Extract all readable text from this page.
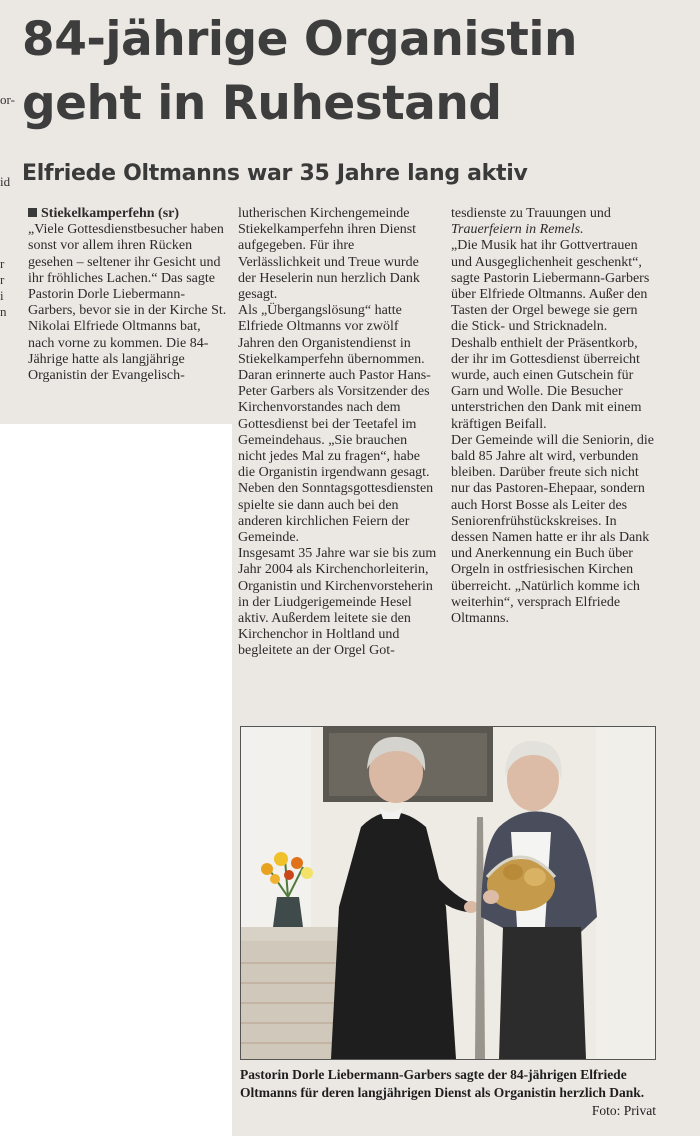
or-
id
r
r
i
n
84-jährige Organistin geht in Ruhestand
Elfriede Oltmanns war 35 Jahre lang aktiv

Stiekelkamperfehn (sr)

„Viele Gottesdienstbesucher haben sonst vor allem ihren Rücken gesehen – seltener ihr Gesicht und ihr fröhliches Lachen.“ Das sagte Pastorin Dorle Liebermann-Garbers, bevor sie in der Kirche St. Nikolai Elfriede Oltmanns bat, nach vorne zu kommen. Die 84-Jährige hatte als langjährige Organistin der Evangelisch-

lutherischen Kirchengemeinde Stiekelkamperfehn ihren Dienst aufgegeben. Für ihre Verlässlichkeit und Treue wurde der Heselerin nun herzlich Dank gesagt.

Als „Übergangslösung“ hatte Elfriede Oltmanns vor zwölf Jahren den Organistendienst in Stiekelkamperfehn übernommen. Daran erinnerte auch Pastor Hans-Peter Garbers als Vorsitzender des Kirchenvorstandes nach dem Gottesdienst bei der Teetafel im Gemeindehaus. „Sie brauchen nicht jedes Mal zu fragen“, habe die Organistin irgendwann gesagt. Neben den Sonntagsgottesdiensten spielte sie dann auch bei den anderen kirchlichen Feiern der Gemeinde.

Insgesamt 35 Jahre war sie bis zum Jahr 2004 als Kirchenchorleiterin, Organistin und Kirchenvorsteherin in der Liudgerigemeinde Hesel aktiv. Außerdem leitete sie den Kirchenchor in Holtland und begleitete an der Orgel Got-

tesdienste zu Trauungen und Trauerfeiern in Remels.

„Die Musik hat ihr Gottvertrauen und Ausgeglichenheit geschenkt“, sagte Pastorin Liebermann-Garbers über Elfriede Oltmanns. Außer den Tasten der Orgel bewege sie gern die Stick- und Stricknadeln. Deshalb enthielt der Präsentkorb, der ihr im Gottesdienst überreicht wurde, auch einen Gutschein für Garn und Wolle. Die Besucher unterstrichen den Dank mit einem kräftigen Beifall.

Der Gemeinde will die Seniorin, die bald 85 Jahre alt wird, verbunden bleiben. Darüber freute sich nicht nur das Pastoren-Ehepaar, sondern auch Horst Bosse als Leiter des Seniorenfrühstückskreises. In dessen Namen hatte er ihr als Dank und Anerkennung ein Buch über Orgeln in ostfriesischen Kirchen überreicht. „Natürlich komme ich weiterhin“, versprach Elfriede Oltmanns.

Pastorin Dorle Liebermann-Garbers sagte der 84-jährigen Elfriede Oltmanns für deren langjährigen Dienst als Organistin herzlich Dank.
Foto: Privat
